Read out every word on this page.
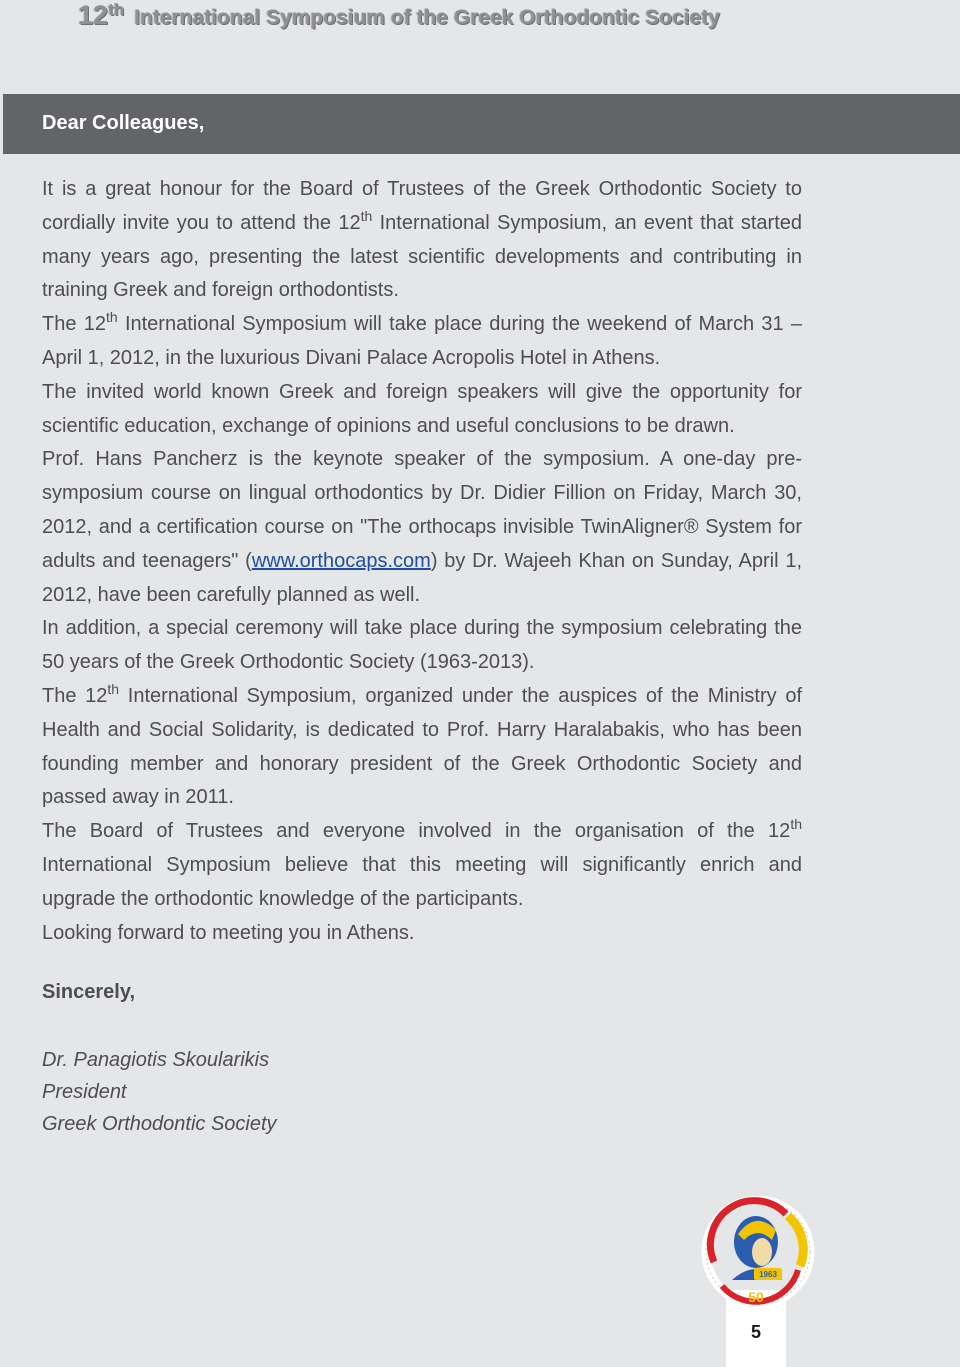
12th International Symposium of the Greek Orthodontic Society

Dear Colleagues,

It is a great honour for the Board of Trustees of the Greek Orthodontic Society to cordially invite you to attend the 12th International Symposium, an event that started many years ago, presenting the latest scientific developments and contributing in training Greek and foreign orthodontists.

The 12th International Symposium will take place during the weekend of March 31 – April 1, 2012, in the luxurious Divani Palace Acropolis Hotel in Athens.

The invited world known Greek and foreign speakers will give the opportunity for scientific education, exchange of opinions and useful conclusions to be drawn.

Prof. Hans Pancherz is the keynote speaker of the symposium. A one-day pre-symposium course on lingual orthodontics by Dr. Didier Fillion on Friday, March 30, 2012, and a certification course on "The orthocaps invisible TwinAligner® System for adults and teenagers" (www.orthocaps.com) by Dr. Wajeeh Khan on Sunday, April 1, 2012, have been carefully planned as well.

In addition, a special ceremony will take place during the symposium celebrating the 50 years of the Greek Orthodontic Society (1963-2013).

The 12th International Symposium, organized under the auspices of the Ministry of Health and Social Solidarity, is dedicated to Prof. Harry Haralabakis, who has been founding member and honorary president of the Greek Orthodontic Society and passed away in 2011.

The Board of Trustees and everyone involved in the organisation of the 12th International Symposium believe that this meeting will significantly enrich and upgrade the orthodontic knowledge of the participants.

Looking forward to meeting you in Athens.

Sincerely,

Dr. Panagiotis Skoularikis
President
Greek Orthodontic Society
5
1963
50
